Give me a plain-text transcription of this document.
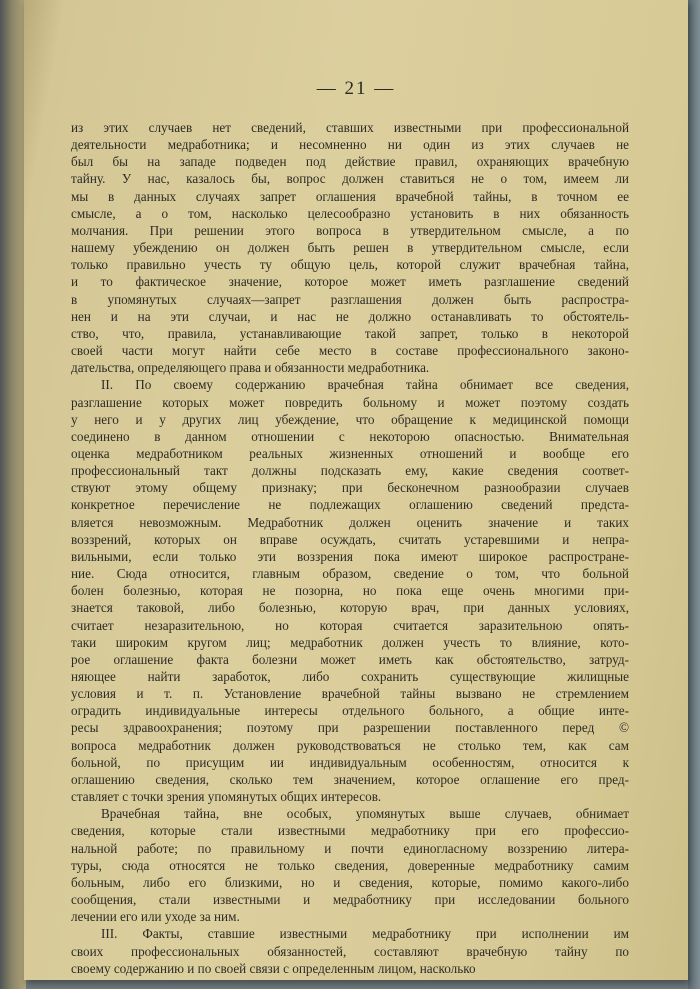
— 21 —

из этих случаев нет сведений, ставших известными при профессиональной
деятельности медработника; и несомненно ни один из этих случаев не
был бы на западе подведен под действие правил, охраняющих врачебную
тайну. У нас, казалось бы, вопрос должен ставиться не о том, имеем ли
мы в данных случаях запрет оглашения врачебной тайны, в точном ее
смысле, а о том, насколько целесообразно установить в них обязанность
молчания. При решении этого вопроса в утвердительном смысле, а по
нашему убеждению он должен быть решен в утвердительном смысле, если
только правильно учесть ту общую цель, которой служит врачебная тайна,
и то фактическое значение, которое может иметь разглашение сведений
в упомянутых случаях—запрет разглашения должен быть распростра-
нен и на эти случаи, и нас не должно останавливать то обстоятель-
ство, что, правила, устанавливающие такой запрет, только в некоторой
своей части могут найти себе место в составе профессионального законо-
дательства, определяющего права и обязанности медработника.

II. По своему содержанию врачебная тайна обнимает все сведения,
разглашение которых может повредить больному и может поэтому создать
у него и у других лиц убеждение, что обращение к медицинской помощи
соединено в данном отношении с некоторою опасностью. Внимательная
оценка медработником реальных жизненных отношений и вообще его
профессиональный такт должны подсказать ему, какие сведения соответ-
ствуют этому общему признаку; при бесконечном разнообразии случаев
конкретное перечисление не подлежащих оглашению сведений предста-
вляется невозможным. Медработник должен оценить значение и таких
воззрений, которых он вправе осуждать, считать устаревшими и непра-
вильными, если только эти воззрения пока имеют широкое распростране-
ние. Сюда относится, главным образом, сведение о том, что больной
болен болезнью, которая не позорна, но пока еще очень многими при-
знается таковой, либо болезнью, которую врач, при данных условиях,
считает незаразительною, но которая считается заразительною опять-
таки широким кругом лиц; медработник должен учесть то влияние, кото-
рое оглашение факта болезни может иметь как обстоятельство, затруд-
няющее найти заработок, либо сохранить существующие жилищные
условия и т. п. Установление врачебной тайны вызвано не стремлением
оградить индивидуальные интересы отдельного больного, а общие инте-
ресы здравоохранения; поэтому при разрешении поставленного перед ©
вопроса медработник должен руководствоваться не столько тем, как сам
больной, по присущим ии индивидуальным особенностям, относится к
оглашению сведения, сколько тем значением, которое оглашение его пред-
ставляет с точки зрения упомянутых общих интересов.

Врачебная тайна, вне особых, упомянутых выше случаев, обнимает
сведения, которые стали известными медработнику при его профессио-
нальной работе; по правильному и почти единогласному воззрению литера-
туры, сюда относятся не только сведения, доверенные медработнику самим
больным, либо его близкими, но и сведения, которые, помимо какого-либо
сообщения, стали известными и медработнику при исследовании больного
лечении его или уходе за ним.

III. Факты, ставшие известными медработнику при исполнении им
своих профессиональных обязанностей, составляют врачебную тайну по
своему содержанию и по своей связи с определенным лицом, насколько
